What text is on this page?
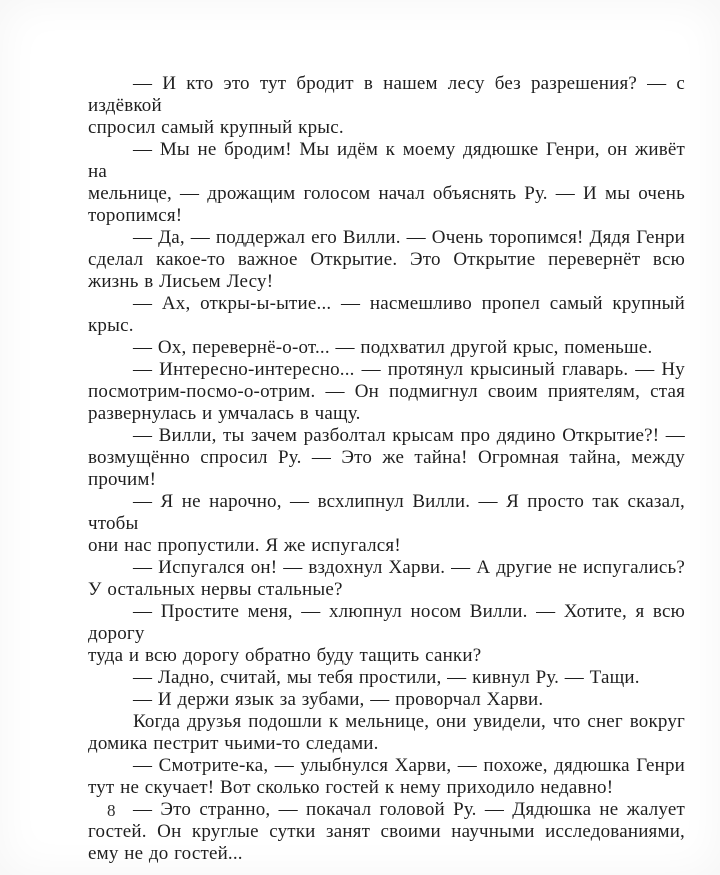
— И кто это тут бродит в нашем лесу без разрешения? — с издёвкой
спросил самый крупный крыс.

— Мы не бродим! Мы идём к моему дядюшке Генри, он живёт на
мельнице, — дрожащим голосом начал объяснять Ру. — И мы очень
торопимся!

— Да, — поддержал его Вилли. — Очень торопимся! Дядя Генри
сделал какое-то важное Открытие. Это Открытие перевернёт всю
жизнь в Лисьем Лесу!

— Ах, откры-ы-ытие... — насмешливо пропел самый крупный
крыс.

— Ох, перевернё-о-от... — подхватил другой крыс, поменьше.

— Интересно-интересно... — протянул крысиный главарь. — Ну
посмотрим-посмо-о-отрим. — Он подмигнул своим приятелям, стая
развернулась и умчалась в чащу.

— Вилли, ты зачем разболтал крысам про дядино Открытие?! —
возмущённо спросил Ру. — Это же тайна! Огромная тайна, между
прочим!

— Я не нарочно, — всхлипнул Вилли. — Я просто так сказал, чтобы
они нас пропустили. Я же испугался!

— Испугался он! — вздохнул Харви. — А другие не испугались?
У остальных нервы стальные?

— Простите меня, — хлюпнул носом Вилли. — Хотите, я всю дорогу
туда и всю дорогу обратно буду тащить санки?

— Ладно, считай, мы тебя простили, — кивнул Ру. — Тащи.

— И держи язык за зубами, — проворчал Харви.

Когда друзья подошли к мельнице, они увидели, что снег вокруг
домика пестрит чьими-то следами.

— Смотрите-ка, — улыбнулся Харви, — похоже, дядюшка Генри
тут не скучает! Вот сколько гостей к нему приходило недавно!

— Это странно, — покачал головой Ру. — Дядюшка не жалует
гостей. Он круглые сутки занят своими научными исследованиями,
ему не до гостей...

8
